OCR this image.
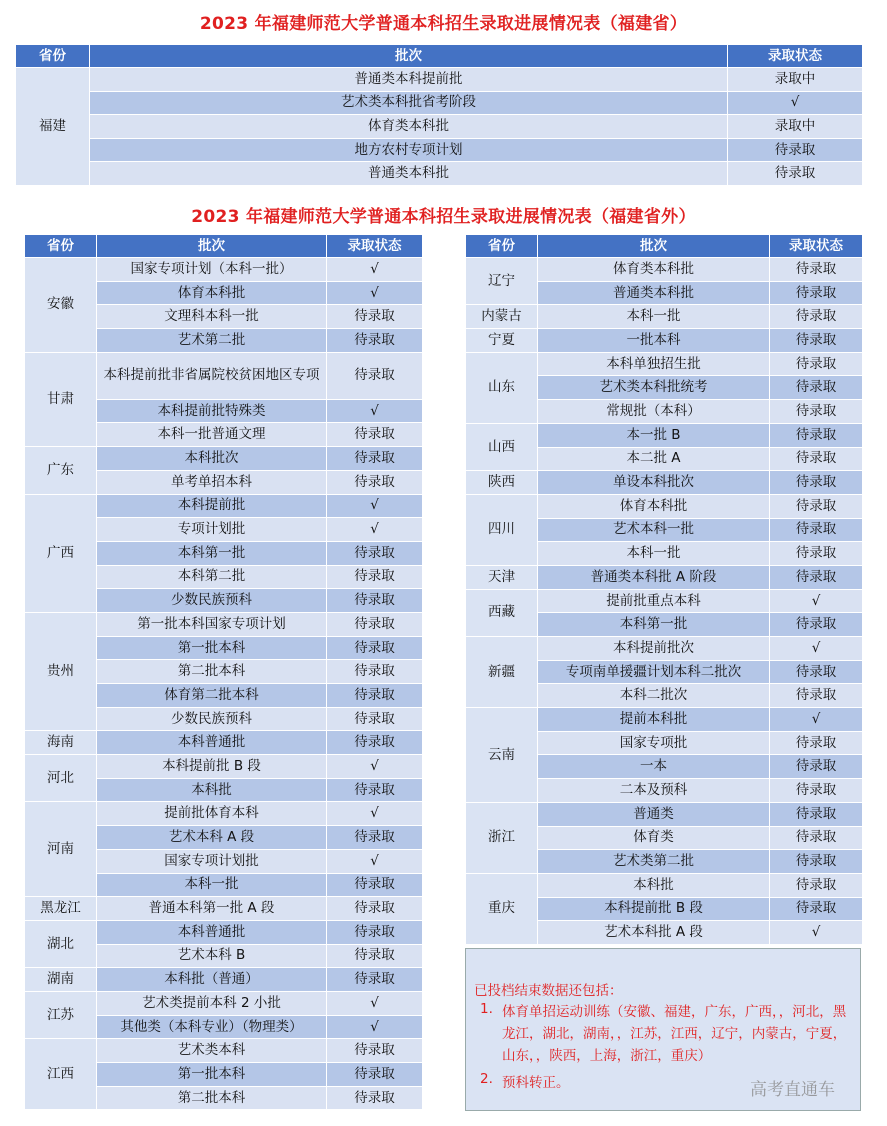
2023 年福建师范大学普通本科招生录取进展情况表（福建省）
省份	批次	录取状态
福建	普通类本科提前批	录取中
	艺术类本科批省考阶段	√
	体育类本科批	录取中
	地方农村专项计划	待录取
	普通类本科批	待录取
2023 年福建师范大学普通本科招生录取进展情况表（福建省外）
省份	批次	录取状态
安徽	国家专项计划（本科一批）	√
	体育本科批	√
	文理科本科一批	待录取
	艺术第二批	待录取
甘肃	本科提前批非省属院校贫困地区专项	待录取
	本科提前批特殊类	√
	本科一批普通文理	待录取
广东	本科批次	待录取
	单考单招本科	待录取
广西	本科提前批	√
	专项计划批	√
	本科第一批	待录取
	本科第二批	待录取
	少数民族预科	待录取
贵州	第一批本科国家专项计划	待录取
	第一批本科	待录取
	第二批本科	待录取
	体育第二批本科	待录取
	少数民族预科	待录取
海南	本科普通批	待录取
河北	本科提前批 B 段	√
	本科批	待录取
河南	提前批体育本科	√
	艺术本科 A 段	待录取
	国家专项计划批	√
	本科一批	待录取
黑龙江	普通本科第一批 A 段	待录取
湖北	本科普通批	待录取
	艺术本科 B	待录取
湖南	本科批（普通）	待录取
江苏	艺术类提前本科 2 小批	√
	其他类（本科专业）（物理类）	√
江西	艺术类本科	待录取
	第一批本科	待录取
	第二批本科	待录取
省份	批次	录取状态
辽宁	体育类本科批	待录取
	普通类本科批	待录取
内蒙古	本科一批	待录取
宁夏	一批本科	待录取
山东	本科单独招生批	待录取
	艺术类本科批统考	待录取
	常规批（本科）	待录取
山西	本一批 B	待录取
	本二批 A	待录取
陕西	单设本科批次	待录取
四川	体育本科批	待录取
	艺术本科一批	待录取
	本科一批	待录取
天津	普通类本科批 A 阶段	待录取
西藏	提前批重点本科	√
	本科第一批	待录取
新疆	本科提前批次	√
	专项南单援疆计划本科二批次	待录取
	本科二批次	待录取
云南	提前本科批	√
	国家专项批	待录取
	一本	待录取
	二本及预科	待录取
浙江	普通类	待录取
	体育类	待录取
	艺术类第二批	待录取
重庆	本科批	待录取
	本科提前批 B 段	待录取
	艺术本科批 A 段	√
已投档结束数据还包括：
1. 体育单招运动训练（安徽、福建，广东，广西，，河北，黑龙江，湖北，湖南，，江苏，江西，辽宁，内蒙古，宁夏，山东，，陕西，上海，浙江，重庆）
2. 预科转正。	高考直通车
